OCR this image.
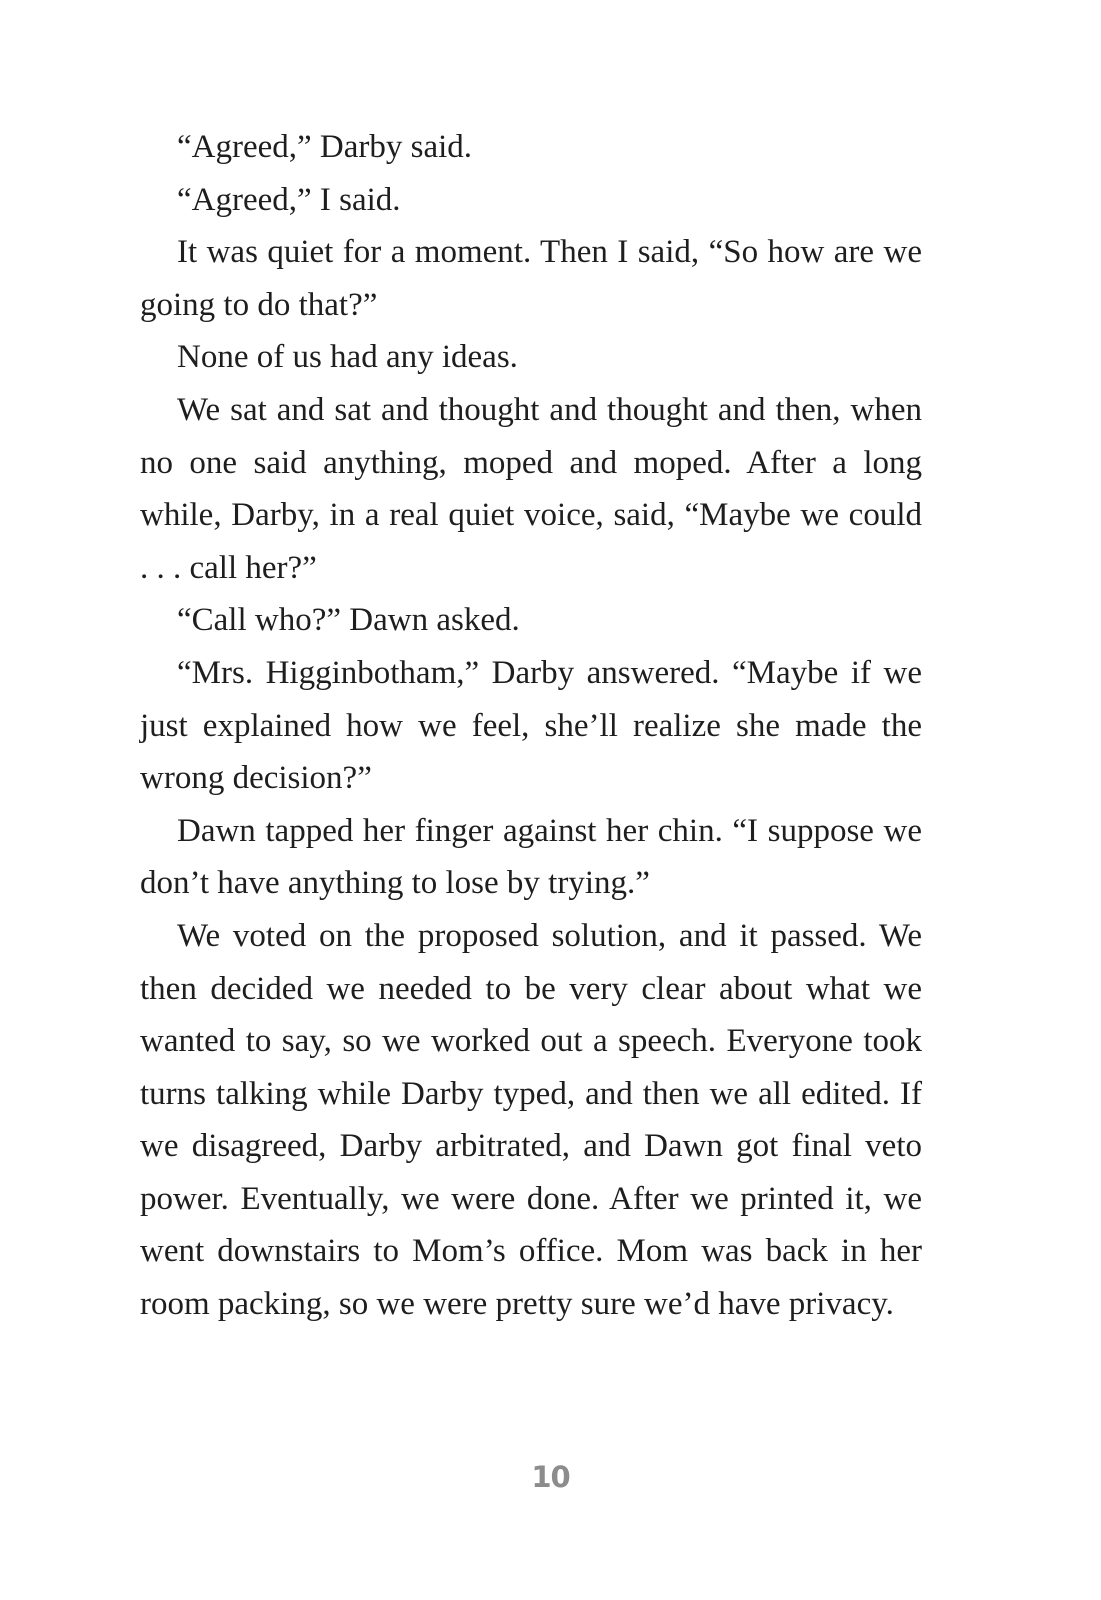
“Agreed,” Darby said.

“Agreed,” I said.

It was quiet for a moment. Then I said, “So how are we going to do that?”

None of us had any ideas.

We sat and sat and thought and thought and then, when no one said anything, moped and moped. After a long while, Darby, in a real quiet voice, said, “Maybe we could . . . call her?”

“Call who?” Dawn asked.

“Mrs. Higginbotham,” Darby answered. “Maybe if we just explained how we feel, she’ll realize she made the wrong decision?”

Dawn tapped her finger against her chin. “I suppose we don’t have anything to lose by trying.”

We voted on the proposed solution, and it passed. We then decided we needed to be very clear about what we wanted to say, so we worked out a speech. Everyone took turns talking while Darby typed, and then we all edited. If we disagreed, Darby arbitrated, and Dawn got final veto power. Eventually, we were done. After we printed it, we went downstairs to Mom’s office. Mom was back in her room packing, so we were pretty sure we’d have privacy.

10
